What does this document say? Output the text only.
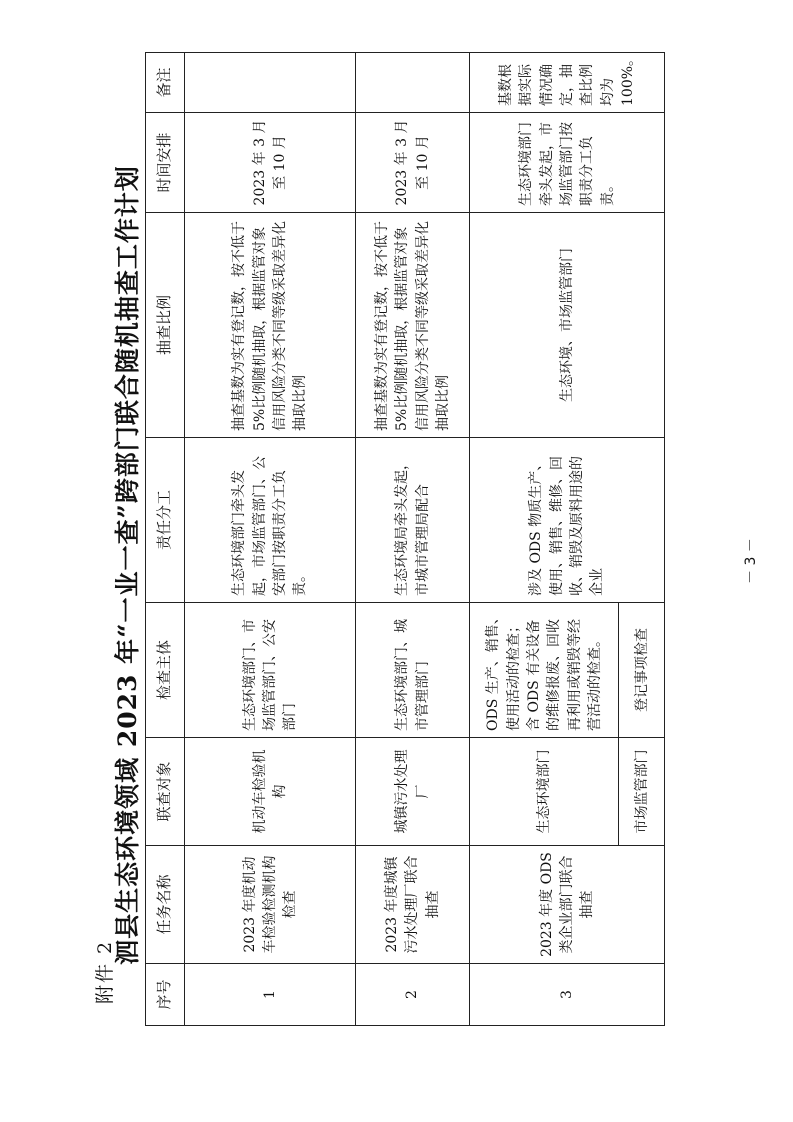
附件 2
泗县生态环境领域 2023 年“一业一查”跨部门联合随机抽查工作计划
序号	任务名称	联查对象	检查主体	责任分工	抽查比例	时间安排	备注
1	2023 年度机动车检验检测机构检查	机动车检验机构	生态环境部门、市场监管部门、公安部门	生态环境部门牵头发起，市场监管部门、公安部门按职责分工负责。	抽查基数为实有登记数，按不低于 5%比例随机抽取，根据监管对象信用风险分类不同等级采取差异化抽取比例	2023 年 3 月至 10 月	
2	2023 年度城镇污水处理厂联合抽查	城镇污水处理厂	生态环境部门、城市管理部门	生态环境局牵头发起，市城市管理局配合	抽查基数为实有登记数，按不低于 5%比例随机抽取，根据监管对象信用风险分类不同等级采取差异化抽取比例	2023 年 3 月至 10 月	
3	2023 年度 ODS 类企业部门联合抽查	生态环境部门	ODS 生产、销售、使用活动的检查；含 ODS 有关设备的维修报废、回收再利用或销毁等经营活动的检查。	涉及 ODS 物质生产、使用、销售、维修、回收、销毁及原料用途的企业	生态环境、市场监管部门	生态环境部门牵头发起，市场监管部门按职责分工负责。	基数根据实际情况确定，抽查比例均为 100%。
		市场监管部门	登记事项检查				
－ 3 －
